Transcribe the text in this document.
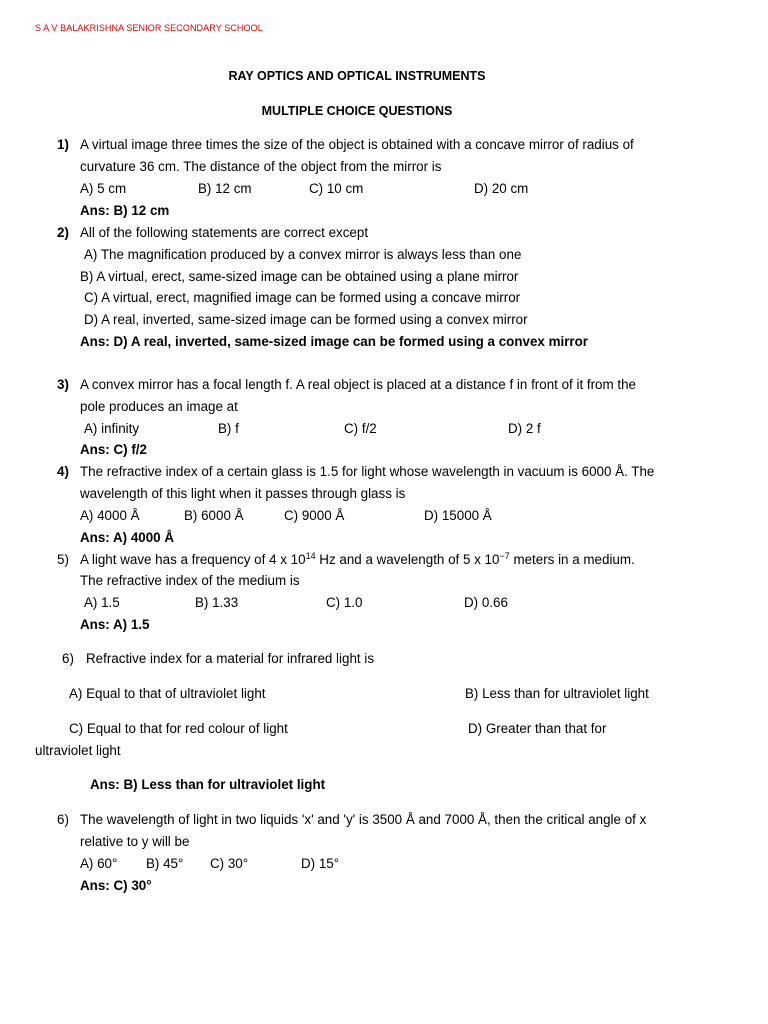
S A V BALAKRISHNA SENIOR SECONDARY SCHOOL
RAY OPTICS AND OPTICAL INSTRUMENTS
MULTIPLE CHOICE QUESTIONS
1) A virtual image three times the size of the object is obtained with a concave mirror of radius of
curvature 36 cm. The distance of the object from the mirror is
A) 5 cm	B) 12 cm	C) 10 cm	D) 20 cm
Ans: B) 12 cm
2) All of the following statements are correct except
A) The magnification produced by a convex mirror is always less than one
B) A virtual, erect, same-sized image can be obtained using a plane mirror
C) A virtual, erect, magnified image can be formed using a concave mirror
D) A real, inverted, same-sized image can be formed using a convex mirror
Ans: D) A real, inverted, same-sized image can be formed using a convex mirror
3) A convex mirror has a focal length f. A real object is placed at a distance f in front of it from the
pole produces an image at
A) infinity	B) f	C) f/2	D) 2 f
Ans: C) f/2
4) The refractive index of a certain glass is 1.5 for light whose wavelength in vacuum is 6000 Å. The
wavelength of this light when it passes through glass is
A) 4000 Å	B) 6000 Å	C) 9000 Å	D) 15000 Å
Ans: A) 4000 Å
5) A light wave has a frequency of 4 x $10^{14}$ Hz and a wavelength of 5 x $10^{-7}$ meters in a medium.
The refractive index of the medium is
A) 1.5	B) 1.33	C) 1.0	D) 0.66
Ans: A) 1.5
6) Refractive index for a material for infrared light is
A) Equal to that of ultraviolet light	B) Less than for ultraviolet light
C) Equal to that for red colour of light	D) Greater than that for
ultraviolet light
Ans: B) Less than for ultraviolet light
6) The wavelength of light in two liquids 'x' and 'y' is 3500 Å and 7000 Å, then the critical angle of x
relative to y will be
A) 60° B) 45° C) 30°	D) 15°
Ans: C) 30°
